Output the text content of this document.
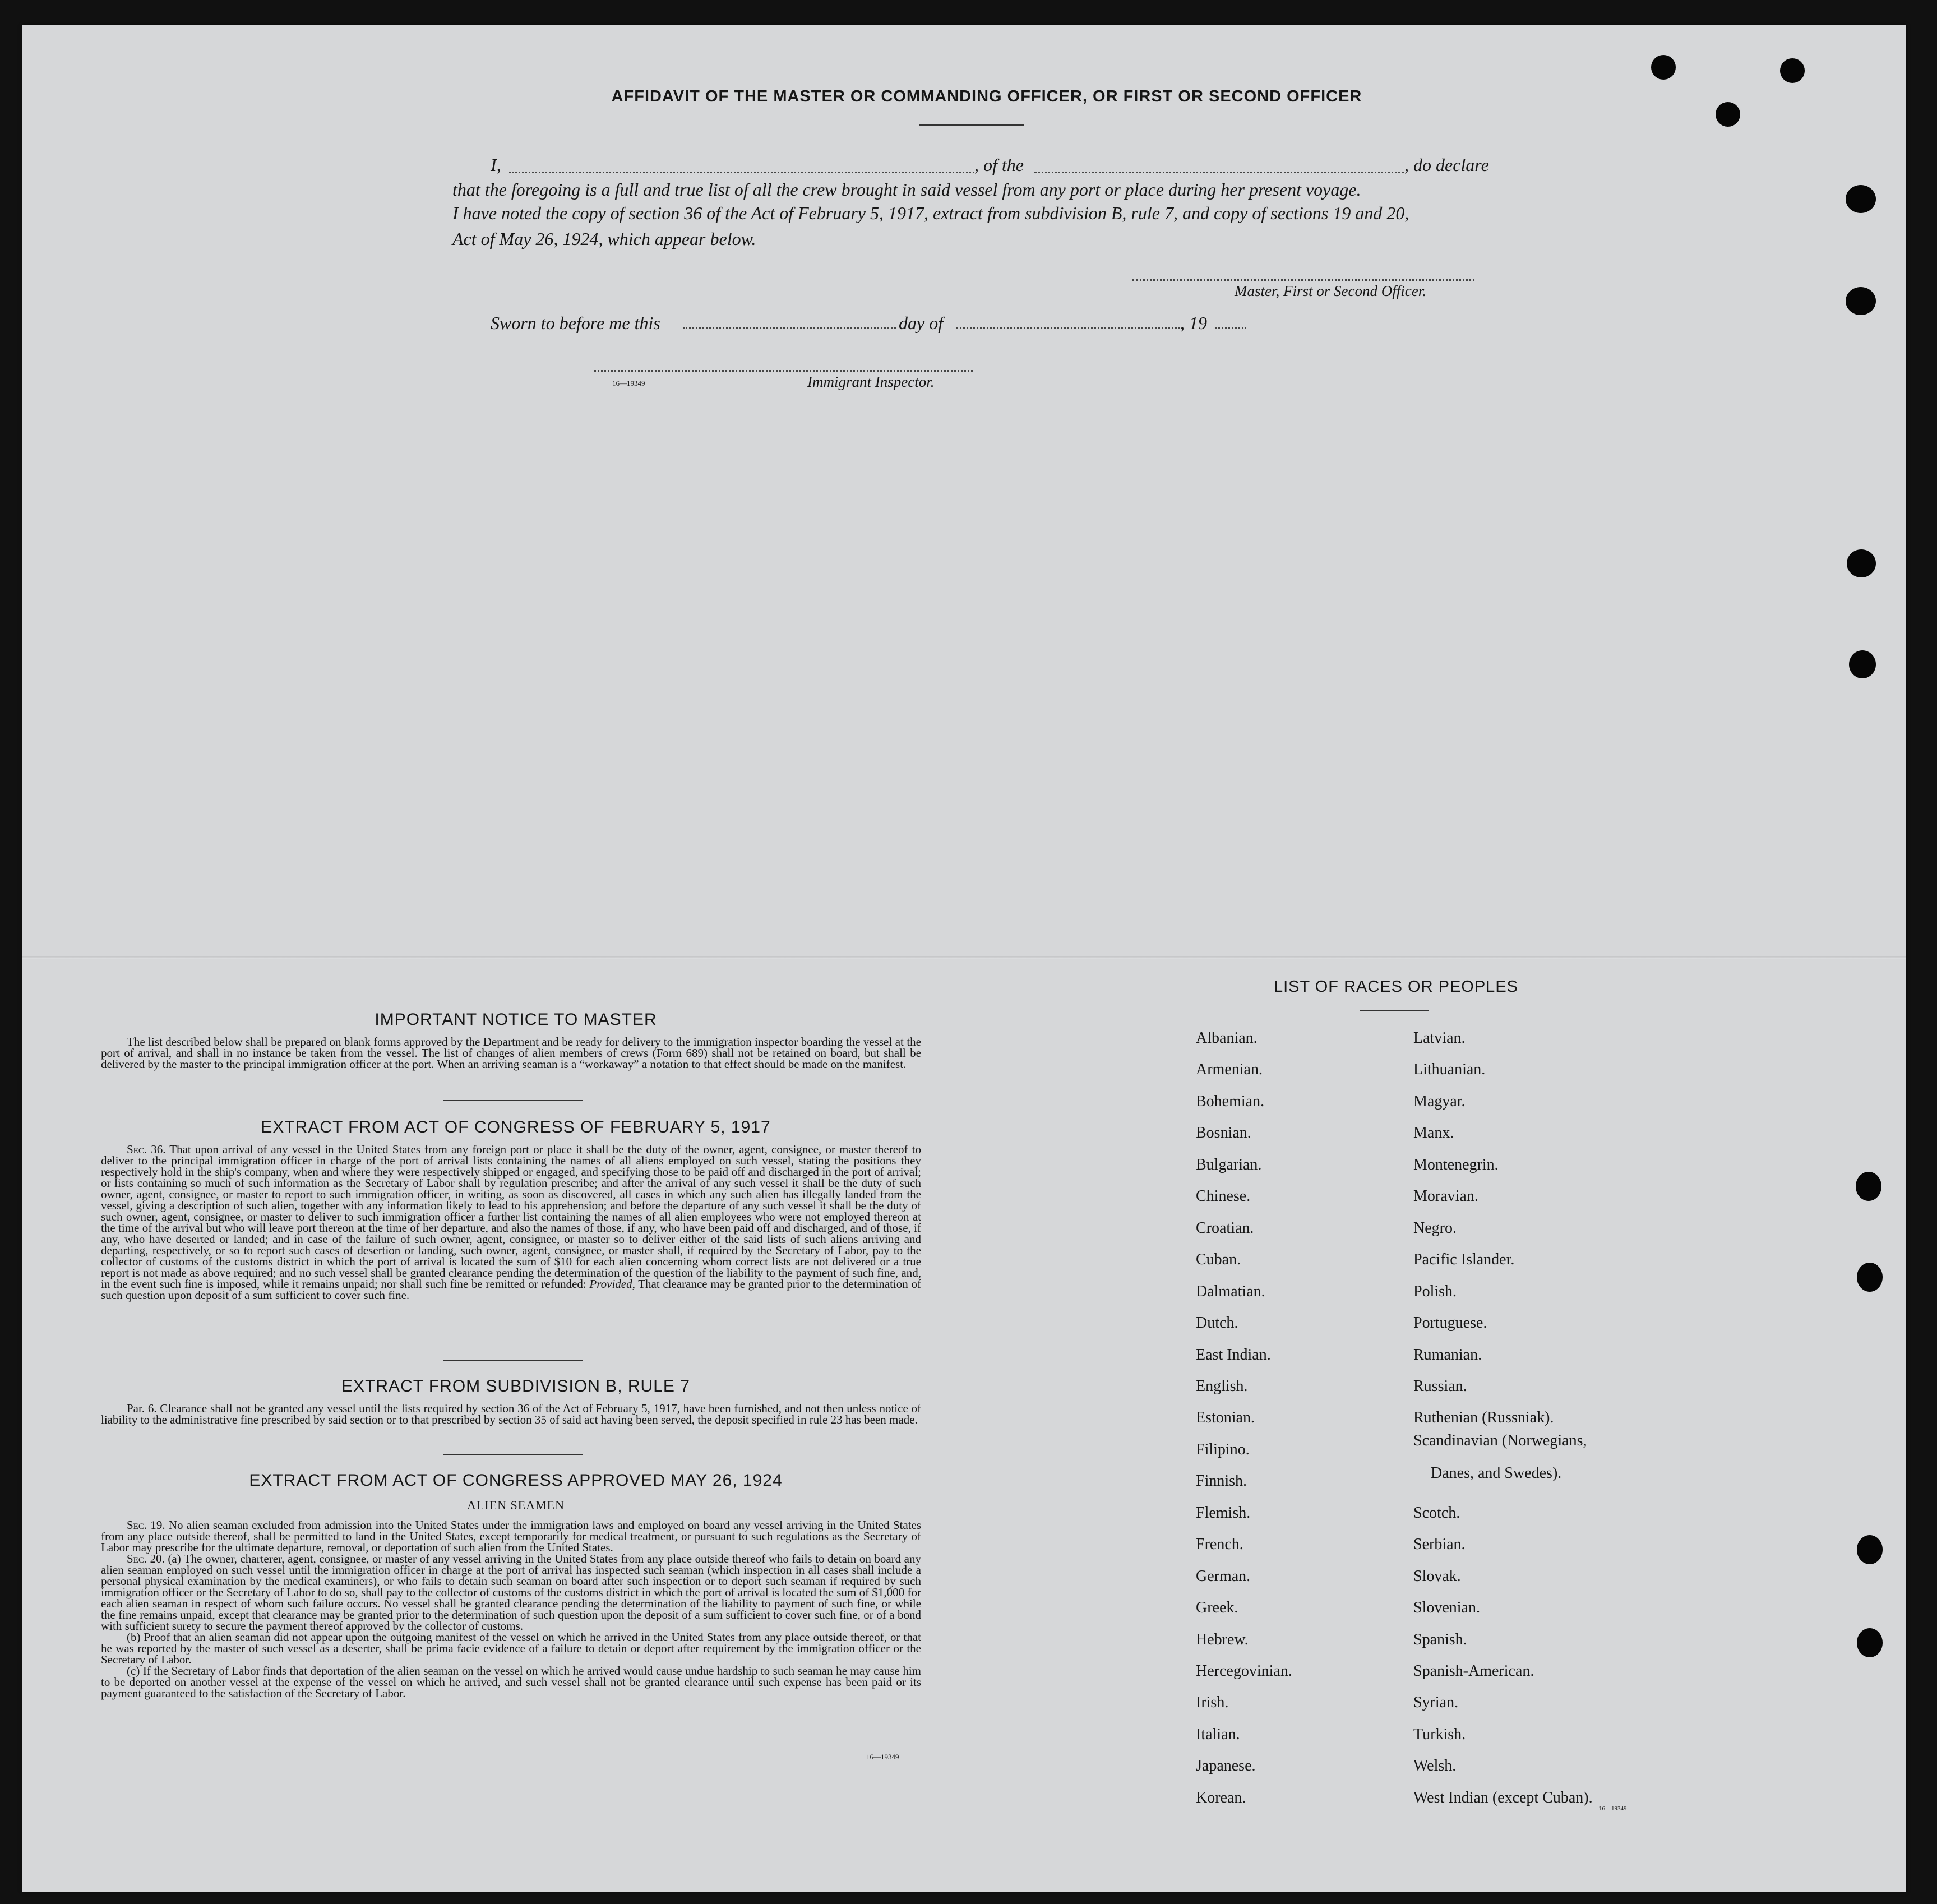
AFFIDAVIT OF THE MASTER OR COMMANDING OFFICER, OR FIRST OR SECOND OFFICER
I,	, of the	, do declare
that the foregoing is a full and true list of all the crew brought in said vessel from any port or place during her present voyage.
I have noted the copy of section 36 of the Act of February 5, 1917, extract from subdivision B, rule 7, and copy of sections 19 and 20,
Act of May 26, 1924, which appear below.
Master, First or Second Officer.
Sworn to before me this	day of	, 19
16—19349	Immigrant Inspector.
IMPORTANT NOTICE TO MASTER

The list described below shall be prepared on blank forms approved by the Department and be ready for delivery to the immigration inspector boarding the vessel at the port of arrival, and shall in no instance be taken from the vessel. The list of changes of alien members of crews (Form 689) shall not be retained on board, but shall be delivered by the master to the principal immigration officer at the port. When an arriving seaman is a “workaway” a notation to that effect should be made on the manifest.

EXTRACT FROM ACT OF CONGRESS OF FEBRUARY 5, 1917

Sec. 36. That upon arrival of any vessel in the United States from any foreign port or place it shall be the duty of the owner, agent, consignee, or master thereof to deliver to the principal immigration officer in charge of the port of arrival lists containing the names of all aliens employed on such vessel, stating the positions they respectively hold in the ship's company, when and where they were respectively shipped or engaged, and specifying those to be paid off and discharged in the port of arrival; or lists containing so much of such information as the Secretary of Labor shall by regulation prescribe; and after the arrival of any such vessel it shall be the duty of such owner, agent, consignee, or master to report to such immigration officer, in writing, as soon as discovered, all cases in which any such alien has illegally landed from the vessel, giving a description of such alien, together with any information likely to lead to his apprehension; and before the departure of any such vessel it shall be the duty of such owner, agent, consignee, or master to deliver to such immigration officer a further list containing the names of all alien employees who were not employed thereon at the time of the arrival but who will leave port thereon at the time of her departure, and also the names of those, if any, who have been paid off and discharged, and of those, if any, who have deserted or landed; and in case of the failure of such owner, agent, consignee, or master so to deliver either of the said lists of such aliens arriving and departing, respectively, or so to report such cases of desertion or landing, such owner, agent, consignee, or master shall, if required by the Secretary of Labor, pay to the collector of customs of the customs district in which the port of arrival is located the sum of $10 for each alien concerning whom correct lists are not delivered or a true report is not made as above required; and no such vessel shall be granted clearance pending the determination of the question of the liability to the payment of such fine, and, in the event such fine is imposed, while it remains unpaid; nor shall such fine be remitted or refunded: Provided, That clearance may be granted prior to the determination of such question upon deposit of a sum sufficient to cover such fine.

EXTRACT FROM SUBDIVISION B, RULE 7

Par. 6. Clearance shall not be granted any vessel until the lists required by section 36 of the Act of February 5, 1917, have been furnished, and not then unless notice of liability to the administrative fine prescribed by said section or to that prescribed by section 35 of said act having been served, the deposit specified in rule 23 has been made.

EXTRACT FROM ACT OF CONGRESS APPROVED MAY 26, 1924
ALIEN SEAMEN

Sec. 19. No alien seaman excluded from admission into the United States under the immigration laws and employed on board any vessel arriving in the United States from any place outside thereof, shall be permitted to land in the United States, except temporarily for medical treatment, or pursuant to such regulations as the Secretary of Labor may prescribe for the ultimate departure, removal, or deportation of such alien from the United States.

Sec. 20. (a) The owner, charterer, agent, consignee, or master of any vessel arriving in the United States from any place outside thereof who fails to detain on board any alien seaman employed on such vessel until the immigration officer in charge at the port of arrival has inspected such seaman (which inspection in all cases shall include a personal physical examination by the medical examiners), or who fails to detain such seaman on board after such inspection or to deport such seaman if required by such immigration officer or the Secretary of Labor to do so, shall pay to the collector of customs of the customs district in which the port of arrival is located the sum of $1,000 for each alien seaman in respect of whom such failure occurs. No vessel shall be granted clearance pending the determination of the liability to payment of such fine, or while the fine remains unpaid, except that clearance may be granted prior to the determination of such question upon the deposit of a sum sufficient to cover such fine, or of a bond with sufficient surety to secure the payment thereof approved by the collector of customs.

(b) Proof that an alien seaman did not appear upon the outgoing manifest of the vessel on which he arrived in the United States from any place outside thereof, or that he was reported by the master of such vessel as a deserter, shall be prima facie evidence of a failure to detain or deport after requirement by the immigration officer or the Secretary of Labor.

(c) If the Secretary of Labor finds that deportation of the alien seaman on the vessel on which he arrived would cause undue hardship to such seaman he may cause him to be deported on another vessel at the expense of the vessel on which he arrived, and such vessel shall not be granted clearance until such expense has been paid or its payment guaranteed to the satisfaction of the Secretary of Labor.

16—19349
LIST OF RACES OR PEOPLES
Albanian.
Armenian.
Bohemian.
Bosnian.
Bulgarian.
Chinese.
Croatian.
Cuban.
Dalmatian.
Dutch.
East Indian.
English.
Estonian.
Filipino.
Finnish.
Flemish.
French.
German.
Greek.
Hebrew.
Hercegovinian.
Irish.
Italian.
Japanese.
Korean.
Latvian.
Lithuanian.
Magyar.
Manx.
Montenegrin.
Moravian.
Negro.
Pacific Islander.
Polish.
Portuguese.
Rumanian.
Russian.
Ruthenian (Russniak).
Scandinavian (Norwegians,
Scotch.
Serbian.
Slovak.
Slovenian.
Spanish.
Spanish-American.
Syrian.
Turkish.
Welsh.
West Indian (except Cuban).
Danes, and Swedes).
16—19349
